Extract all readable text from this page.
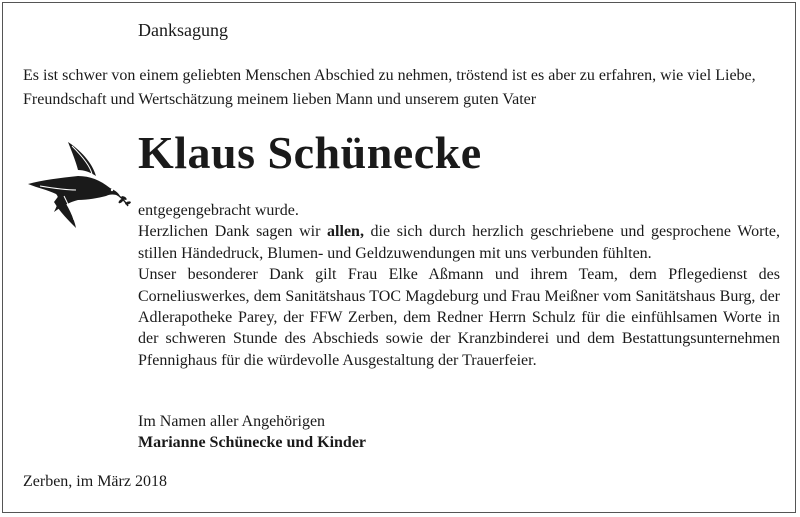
Danksagung
Es ist schwer von einem geliebten Menschen Abschied zu nehmen, tröstend ist es aber zu erfahren, wie viel Liebe, Freundschaft und Wertschätzung meinem lieben Mann und unserem guten Vater
Klaus Schünecke

entgegengebracht wurde.

Herzlichen Dank sagen wir allen, die sich durch herzlich geschriebene und gesprochene Worte, stillen Händedruck, Blumen- und Geldzuwendungen mit uns verbunden fühlten.

Unser besonderer Dank gilt Frau Elke Aßmann und ihrem Team, dem Pflegedienst des Corneliuswerkes, dem Sanitätshaus TOC Magdeburg und Frau Meißner vom Sanitätshaus Burg, der Adlerapotheke Parey, der FFW Zerben, dem Redner Herrn Schulz für die einfühlsamen Worte in der schweren Stunde des Abschieds sowie der Kranzbinderei und dem Bestattungsunternehmen Pfennighaus für die würdevolle Ausgestaltung der Trauerfeier.

Im Namen aller Angehörigen
Marianne Schünecke und Kinder
Zerben, im März 2018
